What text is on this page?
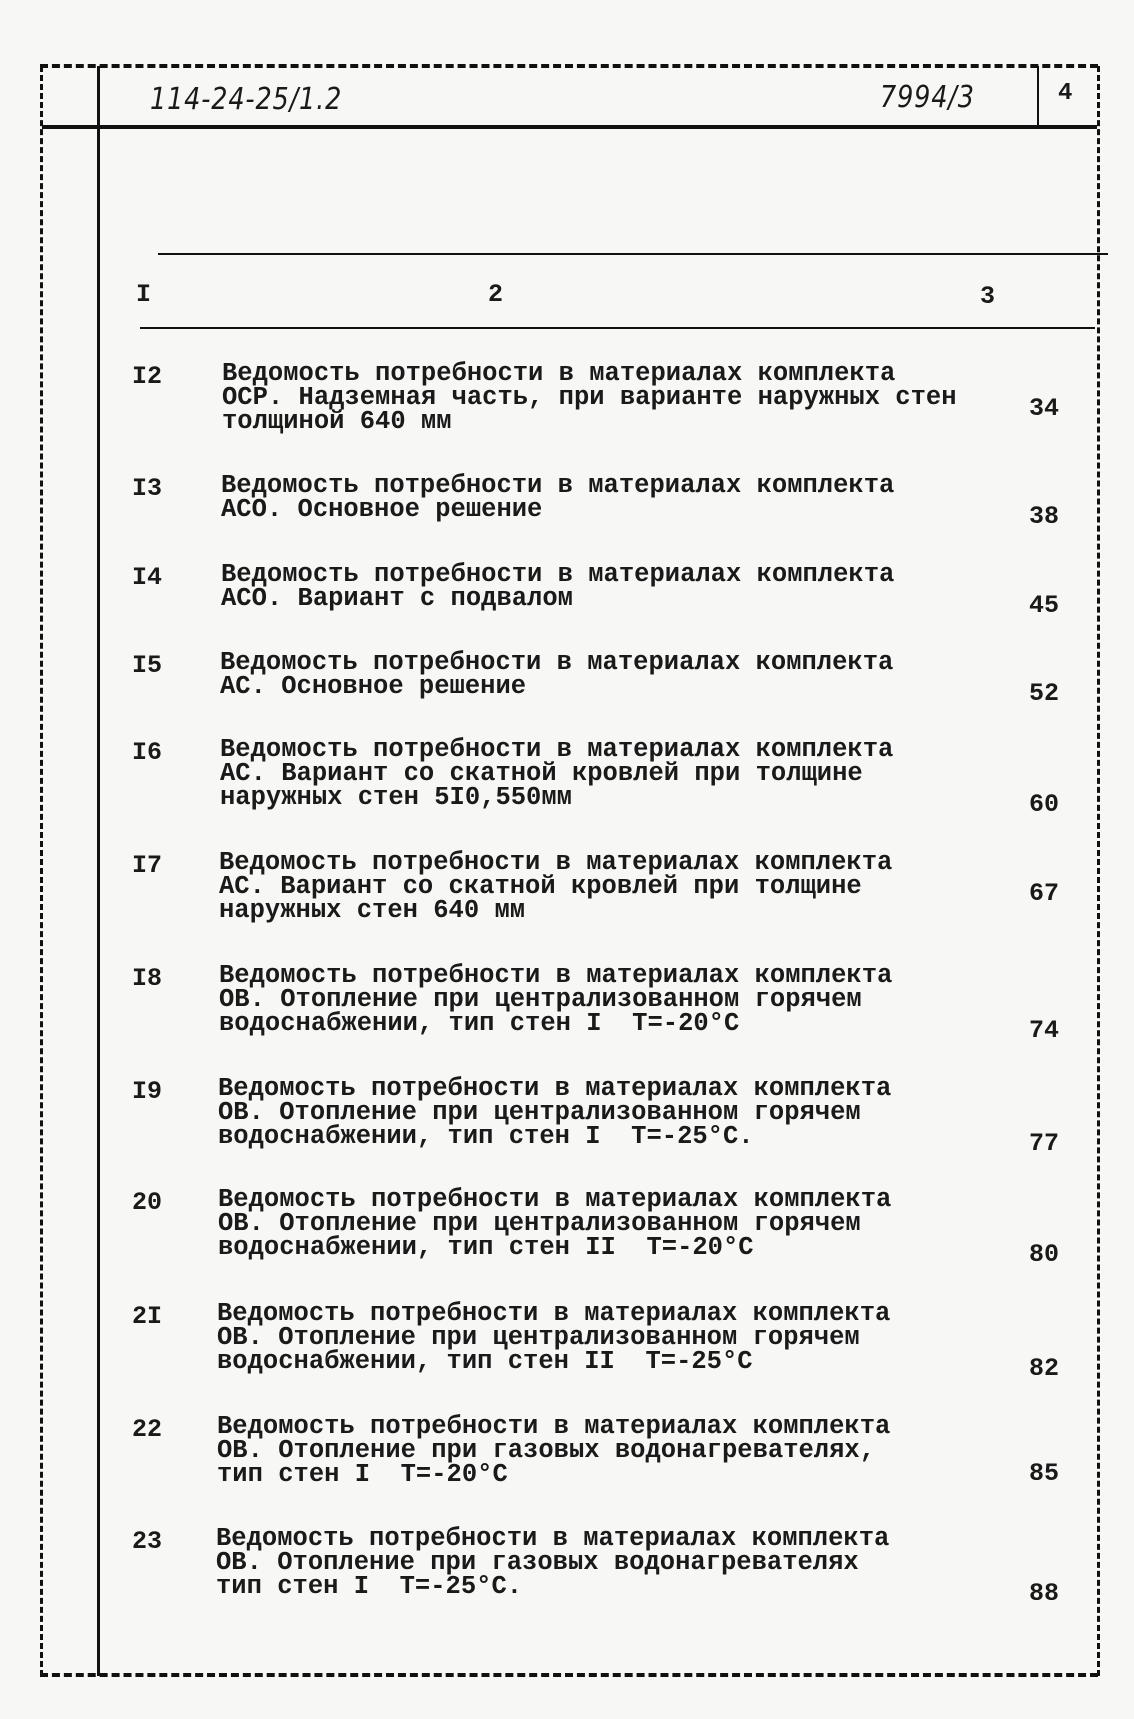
114-24-25/1.2	7994/3	4
I	2	3
I2 Ведомость потребности в материалах комплекта
ОСР. Надземная часть, при варианте наружных стен
толщиной 640 мм	34
I3 Ведомость потребности в материалах комплекта
АСО. Основное решение	38
I4 Ведомость потребности в материалах комплекта
АСО. Вариант с подвалом	45
I5 Ведомость потребности в материалах комплекта
АС. Основное решение	52
I6 Ведомость потребности в материалах комплекта
АС. Вариант со скатной кровлей при толщине
наружных стен 5I0,550мм	60
I7 Ведомость потребности в материалах комплекта
АС. Вариант со скатной кровлей при толщине
наружных стен 640 мм
67
I8 Ведомость потребности в материалах комплекта
ОВ. Отопление при централизованном горячем
водоснабжении, тип стен I  Т=-20°С	74
I9 Ведомость потребности в материалах комплекта
ОВ. Отопление при централизованном горячем
водоснабжении, тип стен I  Т=-25°С.	77
20 Ведомость потребности в материалах комплекта
ОВ. Отопление при централизованном горячем
водоснабжении, тип стен II  Т=-20°С	80
2I Ведомость потребности в материалах комплекта
ОВ. Отопление при централизованном горячем
водоснабжении, тип стен II  Т=-25°С	82
22 Ведомость потребности в материалах комплекта
ОВ. Отопление при газовых водонагревателях,
тип стен I  Т=-20°С	85
23 Ведомость потребности в материалах комплекта
ОВ. Отопление при газовых водонагревателях
тип стен I  Т=-25°С.	88
